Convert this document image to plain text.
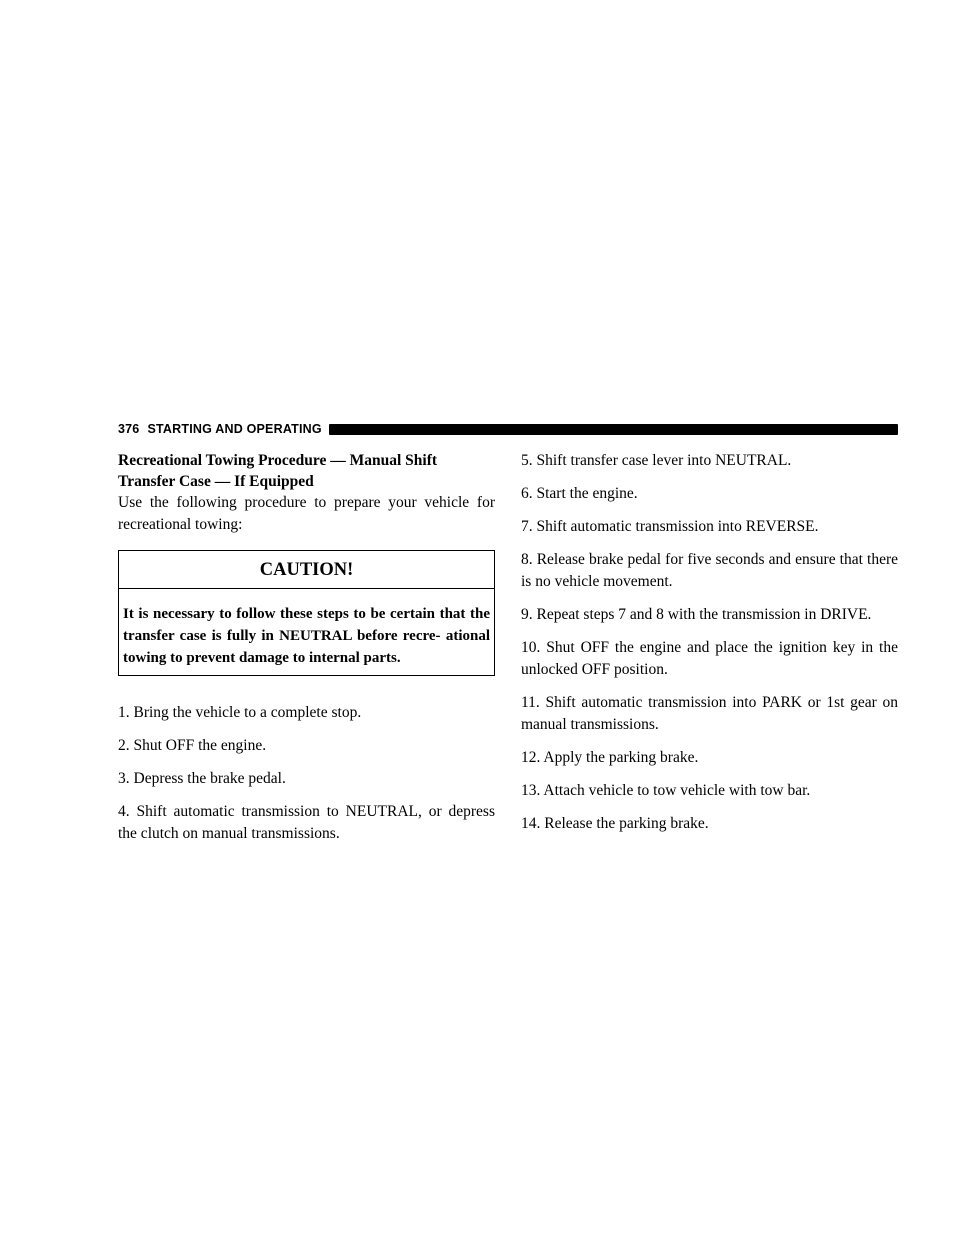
376 STARTING AND OPERATING

Recreational Towing Procedure — Manual Shift
Transfer Case — If Equipped

Use the following procedure to prepare your vehicle for recreational towing:

CAUTION!

It is necessary to follow these steps to be certain that the transfer case is fully in NEUTRAL before recre- ational towing to prevent damage to internal parts.

1. Bring the vehicle to a complete stop.

2. Shut OFF the engine.

3. Depress the brake pedal.

4. Shift automatic transmission to NEUTRAL, or depress the clutch on manual transmissions.

5. Shift transfer case lever into NEUTRAL.

6. Start the engine.

7. Shift automatic transmission into REVERSE.

8. Release brake pedal for five seconds and ensure that there is no vehicle movement.

9. Repeat steps 7 and 8 with the transmission in DRIVE.

10. Shut OFF the engine and place the ignition key in the unlocked OFF position.

11. Shift automatic transmission into PARK or 1st gear on manual transmissions.

12. Apply the parking brake.

13. Attach vehicle to tow vehicle with tow bar.

14. Release the parking brake.
